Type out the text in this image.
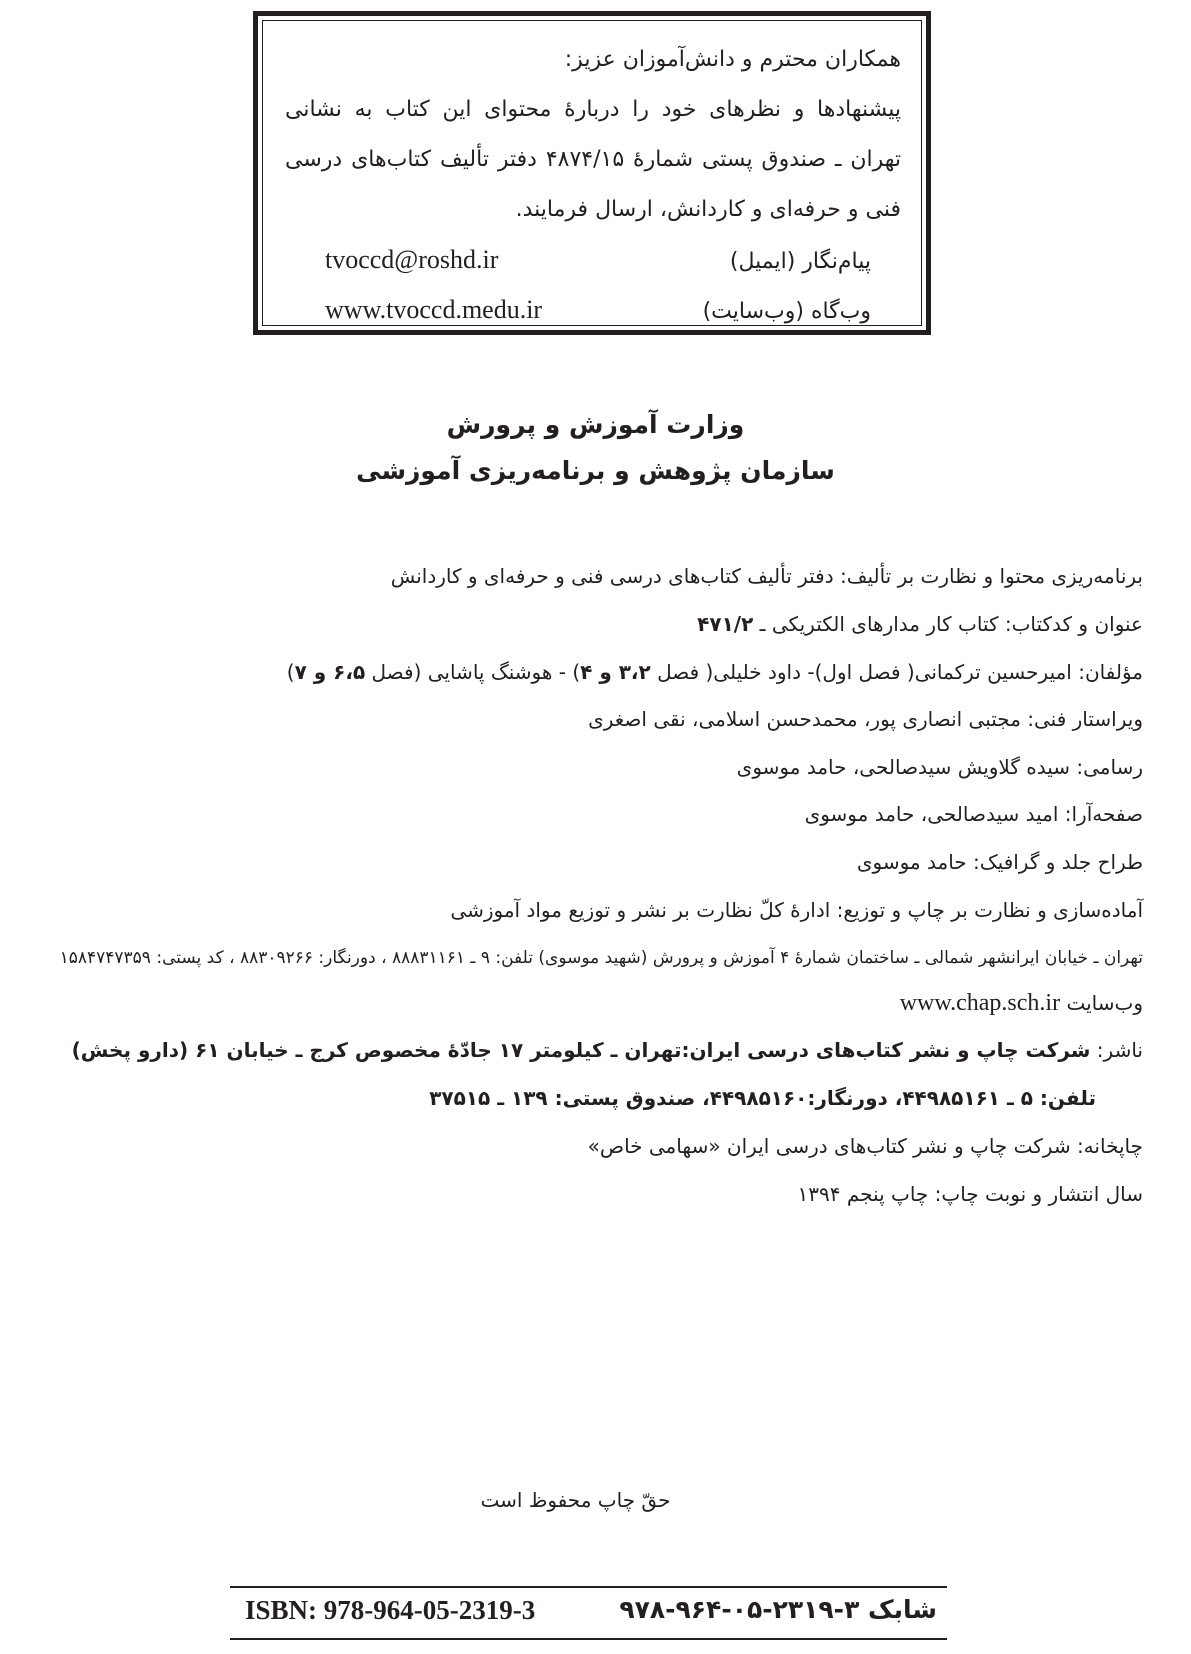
همکاران محترم و دانش‌آموزان عزیز:
پیشنهادها و نظرهای خود را دربارهٔ محتوای این کتاب به نشانی
تهران ـ صندوق پستی شمارهٔ ۴۸۷۴/۱۵ دفتر تألیف کتاب‌های درسی
فنی و حرفه‌ای و کاردانش، ارسال فرمایند.
پیام‌نگار (ایمیل)
tvoccd@roshd.ir
وب‌گاه (وب‌سایت)
www.tvoccd.medu.ir
وزارت آموزش و پرورش
سازمان پژوهش و برنامه‌ریزی آموزشی
برنامه‌ریزی محتوا و نظارت بر تألیف: دفتر تألیف کتاب‌های درسی فنی و حرفه‌ای و کاردانش
عنوان و کدکتاب: کتاب کار مدارهای الکتریکی ـ ۴۷۱/۲
مؤلفان: امیرحسین ترکمانی( فصل اول)- داود خلیلی( فصل ۳،۲ و ۴) - هوشنگ پاشایی (فصل ۶،۵ و ۷)
ویراستار فنی: مجتبی انصاری پور، محمدحسن اسلامی، نقی اصغری
رسامی: سیده گلاویش سیدصالحی، حامد موسوی
صفحه‌آرا: امید سیدصالحی، حامد موسوی
طراح جلد و گرافیک: حامد موسوی
آماده‌سازی و نظارت بر چاپ و توزیع: ادارهٔ کلّ نظارت بر نشر و توزیع مواد آموزشی
تهران ـ خیابان ایرانشهر شمالی ـ ساختمان شمارهٔ ۴ آموزش و پرورش (شهید موسوی) تلفن: ۹ ـ ۸۸۸۳۱۱۶۱ ، دورنگار: ۸۸۳۰۹۲۶۶ ، کد پستی: ۱۵۸۴۷۴۷۳۵۹
وب‌سایت www.chap.sch.ir
ناشر: شرکت چاپ و نشر کتاب‌های درسی ایران:تهران ـ کیلومتر ۱۷ جادّهٔ مخصوص کرج ـ خیابان ۶۱ (دارو پخش)
تلفن: ۵ ـ ۴۴۹۸۵۱۶۱، دورنگار:۴۴۹۸۵۱۶۰، صندوق پستی: ۱۳۹ ـ ۳۷۵۱۵
چاپخانه: شرکت چاپ و نشر کتاب‌های درسی ایران «سهامی خاص»
سال انتشار و نوبت چاپ: چاپ پنجم ۱۳۹۴
حقّ چاپ محفوظ است
ISBN: 978-964-05-2319-3	شابک ۳-۲۳۱۹-۰۵-۹۶۴-۹۷۸
